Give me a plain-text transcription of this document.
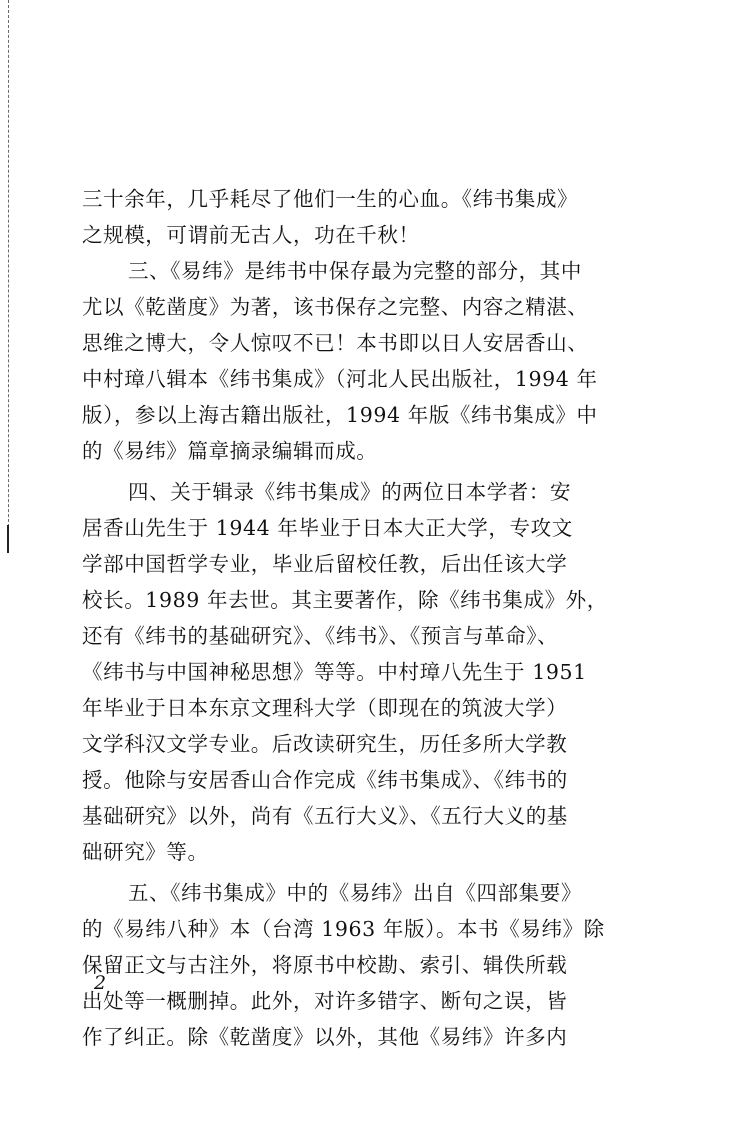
三十余年，几乎耗尽了他们一生的心血。《纬书集成》
之规模，可谓前无古人，功在千秋！
三、《易纬》是纬书中保存最为完整的部分，其中
尤以《乾凿度》为著，该书保存之完整、内容之精湛、
思维之博大，令人惊叹不已！本书即以日人安居香山、
中村璋八辑本《纬书集成》（河北人民出版社，1994 年
版），参以上海古籍出版社，1994 年版《纬书集成》中
的《易纬》篇章摘录编辑而成。
四、关于辑录《纬书集成》的两位日本学者：安
居香山先生于 1944 年毕业于日本大正大学，专攻文
学部中国哲学专业，毕业后留校任教，后出任该大学
校长。1989 年去世。其主要著作，除《纬书集成》外，
还有《纬书的基础研究》、《纬书》、《预言与革命》、
《纬书与中国神秘思想》等等。中村璋八先生于 1951
年毕业于日本东京文理科大学（即现在的筑波大学）
文学科汉文学专业。后改读研究生，历任多所大学教
授。他除与安居香山合作完成《纬书集成》、《纬书的
基础研究》以外，尚有《五行大义》、《五行大义的基
础研究》等。
五、《纬书集成》中的《易纬》出自《四部集要》
的《易纬八种》本（台湾 1963 年版）。本书《易纬》除
保留正文与古注外，将原书中校勘、索引、辑佚所载
出处等一概删掉。此外，对许多错字、断句之误，皆
作了纠正。除《乾凿度》以外，其他《易纬》许多内
2
